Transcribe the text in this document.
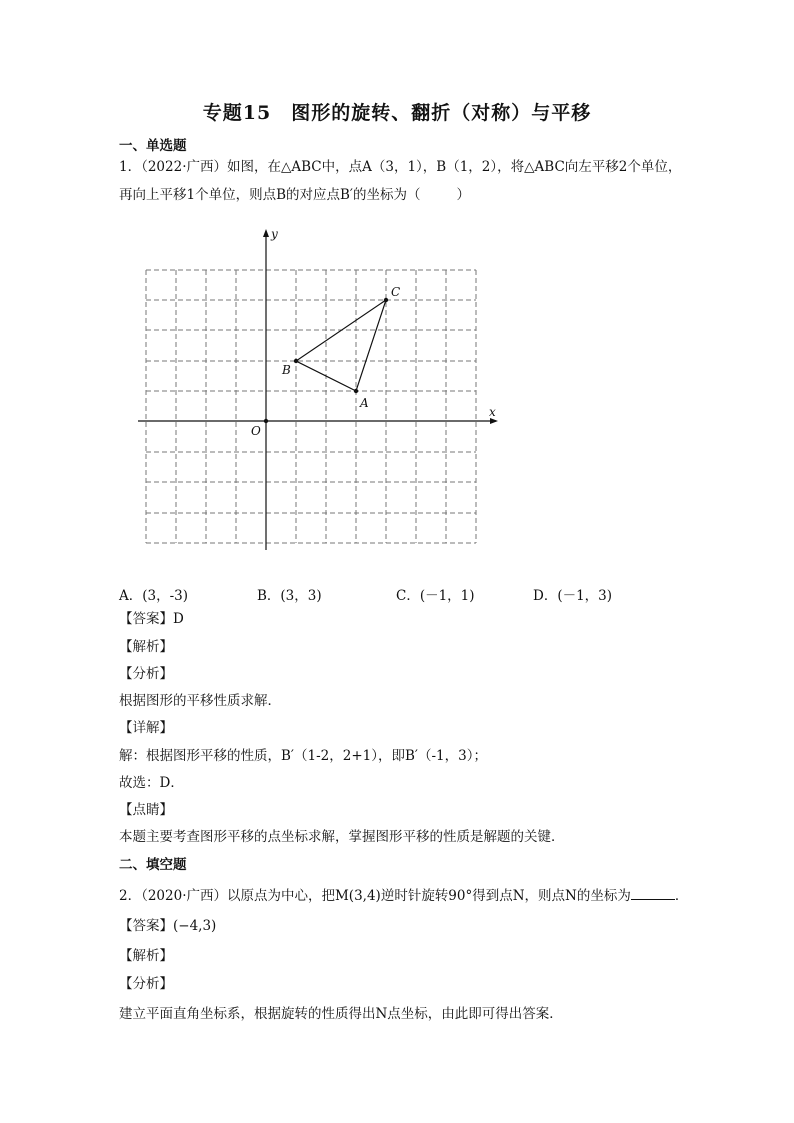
专题15　图形的旋转、翻折（对称）与平移
一、单选题
1．（2022·广西）如图，在△ABC中，点A（3，1），B（1，2），将△ABC向左平移2个单位，
再向上平移1个单位，则点B的对应点B′的坐标为（	）
x
y
O
A
B
C
A．(3，-3)	B．(3，3)	C．(－1，1)	D．(－1，3)
【答案】D
【解析】
【分析】
根据图形的平移性质求解．
【详解】
解：根据图形平移的性质，B′（1-2，2+1），即B′（-1，3）；
故选：D．
【点睛】
本题主要考查图形平移的点坐标求解，掌握图形平移的性质是解题的关键．
二、填空题
2．（2020·广西）以原点为中心，把M(3,4)逆时针旋转90°得到点N，则点N的坐标为	．
【答案】(−4,3)
【解析】
【分析】
建立平面直角坐标系，根据旋转的性质得出N点坐标，由此即可得出答案．
